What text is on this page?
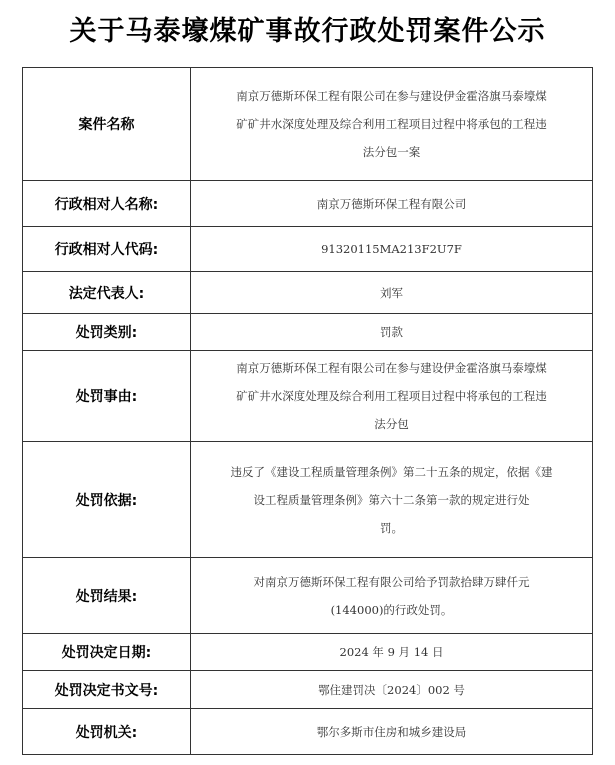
关于马泰壕煤矿事故行政处罚案件公示
案件名称	南京万德斯环保工程有限公司在参与建设伊金霍洛旗马泰壕煤
矿矿井水深度处理及综合利用工程项目过程中将承包的工程违
法分包一案
行政相对人名称:	南京万德斯环保工程有限公司
行政相对人代码:	91320115MA213F2U7F
法定代表人:	刘军
处罚类别:	罚款
处罚事由:	南京万德斯环保工程有限公司在参与建设伊金霍洛旗马泰壕煤
矿矿井水深度处理及综合利用工程项目过程中将承包的工程违
法分包
处罚依据:	违反了《建设工程质量管理条例》第二十五条的规定，依据《建
设工程质量管理条例》第六十二条第一款的规定进行处
罚。
处罚结果:	对南京万德斯环保工程有限公司给予罚款拾肆万肆仟元
(144000)的行政处罚。
处罚决定日期:	2024 年 9 月 14 日
处罚决定书文号:	鄂住建罚决〔2024〕002 号
处罚机关:	鄂尔多斯市住房和城乡建设局
